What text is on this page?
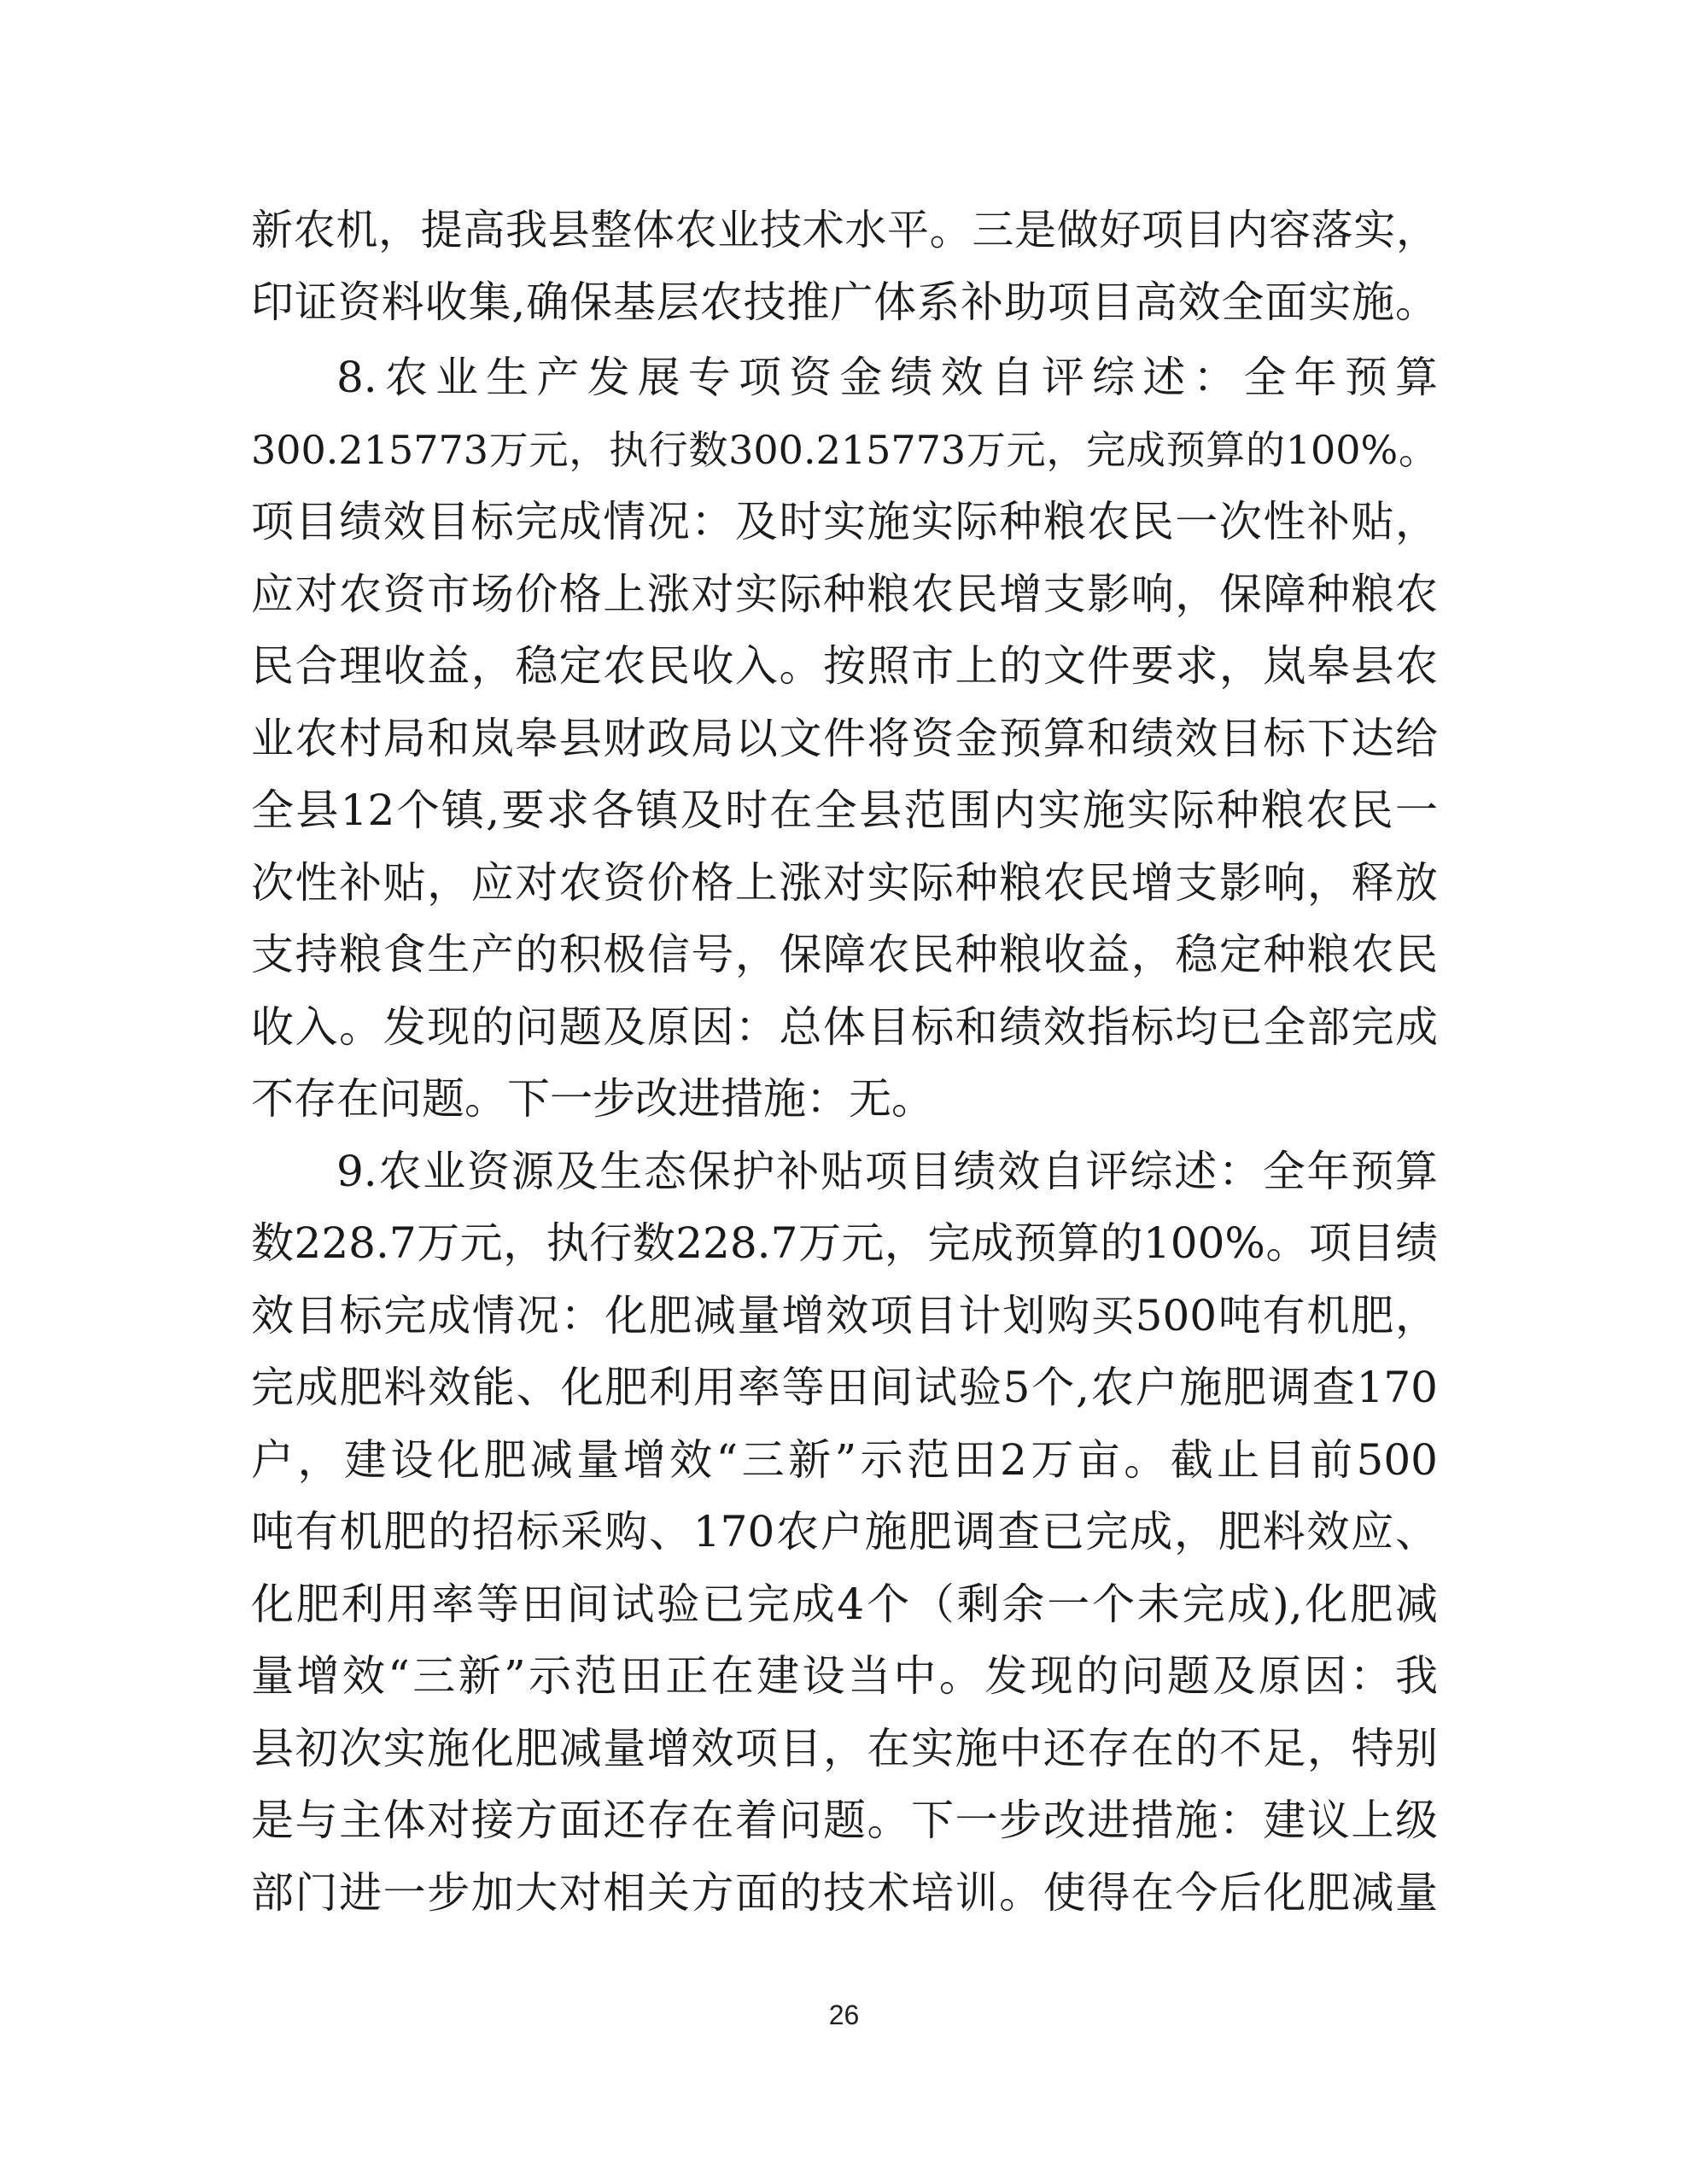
新农机，提高我县整体农业技术水平。三是做好项目内容落实，
印证资料收集,确保基层农技推广体系补助项目高效全面实施。
8.农业生产发展专项资金绩效自评综述：全年预算
300.215773万元，执行数300.215773万元，完成预算的100%。
项目绩效目标完成情况：及时实施实际种粮农民一次性补贴，
应对农资市场价格上涨对实际种粮农民增支影响，保障种粮农
民合理收益，稳定农民收入。按照市上的文件要求，岚皋县农
业农村局和岚皋县财政局以文件将资金预算和绩效目标下达给
全县12个镇,要求各镇及时在全县范围内实施实际种粮农民一
次性补贴，应对农资价格上涨对实际种粮农民增支影响，释放
支持粮食生产的积极信号，保障农民种粮收益，稳定种粮农民
收入。发现的问题及原因：总体目标和绩效指标均已全部完成
不存在问题。下一步改进措施：无。
9.农业资源及生态保护补贴项目绩效自评综述：全年预算
数228.7万元，执行数228.7万元，完成预算的100%。项目绩
效目标完成情况：化肥减量增效项目计划购买500吨有机肥，
完成肥料效能、化肥利用率等田间试验5个,农户施肥调查170
户，建设化肥减量增效“三新”示范田2万亩。截止目前500
吨有机肥的招标采购、170农户施肥调查已完成，肥料效应、
化肥利用率等田间试验已完成4个（剩余一个未完成),化肥减
量增效“三新”示范田正在建设当中。发现的问题及原因：我
县初次实施化肥减量增效项目，在实施中还存在的不足，特别
是与主体对接方面还存在着问题。下一步改进措施：建议上级
部门进一步加大对相关方面的技术培训。使得在今后化肥减量
26
